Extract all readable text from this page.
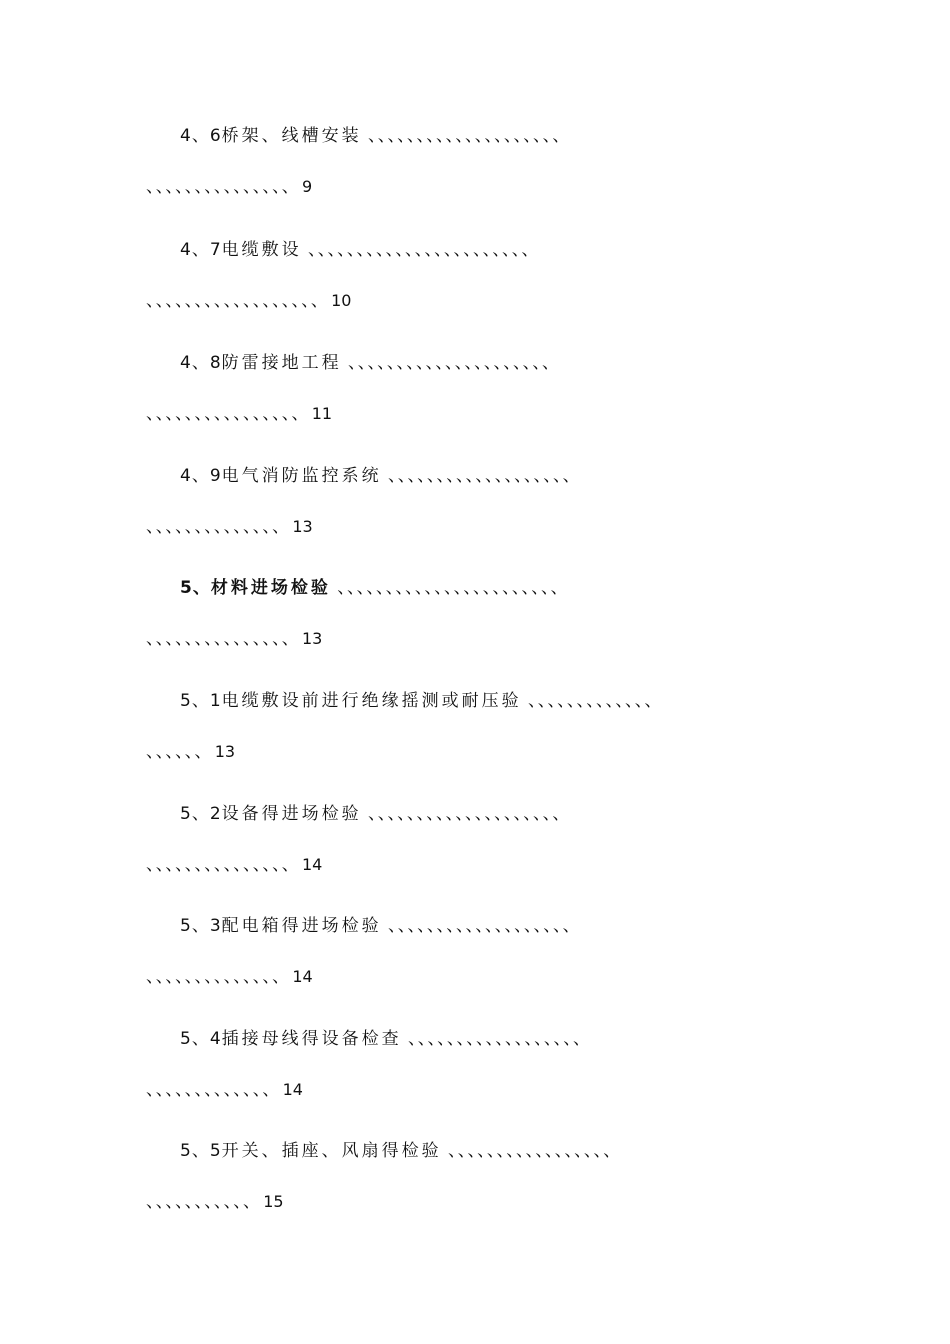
4、6桥架、线槽安装 、、、、、、、、、、、、、、、、、、、、
、、、、、、、、、、、、、、、 9
4、7电缆敷设 、、、、、、、、、、、、、、、、、、、、、、、
、、、、、、、、、、、、、、、、、、 10
4、8防雷接地工程 、、、、、、、、、、、、、、、、、、、、、
、、、、、、、、、、、、、、、、 11
4、9电气消防监控系统 、、、、、、、、、、、、、、、、、、、
、、、、、、、、、、、、、、 13
5、材料进场检验 、、、、、、、、、、、、、、、、、、、、、、、
、、、、、、、、、、、、、、、 13
5、1电缆敷设前进行绝缘摇测或耐压验 、、、、、、、、、、、、、
、、、、、、 13
5、2设备得进场检验 、、、、、、、、、、、、、、、、、、、、
、、、、、、、、、、、、、、、 14
5、3配电箱得进场检验 、、、、、、、、、、、、、、、、、、、
、、、、、、、、、、、、、、 14
5、4插接母线得设备检查 、、、、、、、、、、、、、、、、、、
、、、、、、、、、、、、、 14
5、5开关、插座、风扇得检验 、、、、、、、、、、、、、、、、、
、、、、、、、、、、、 15
